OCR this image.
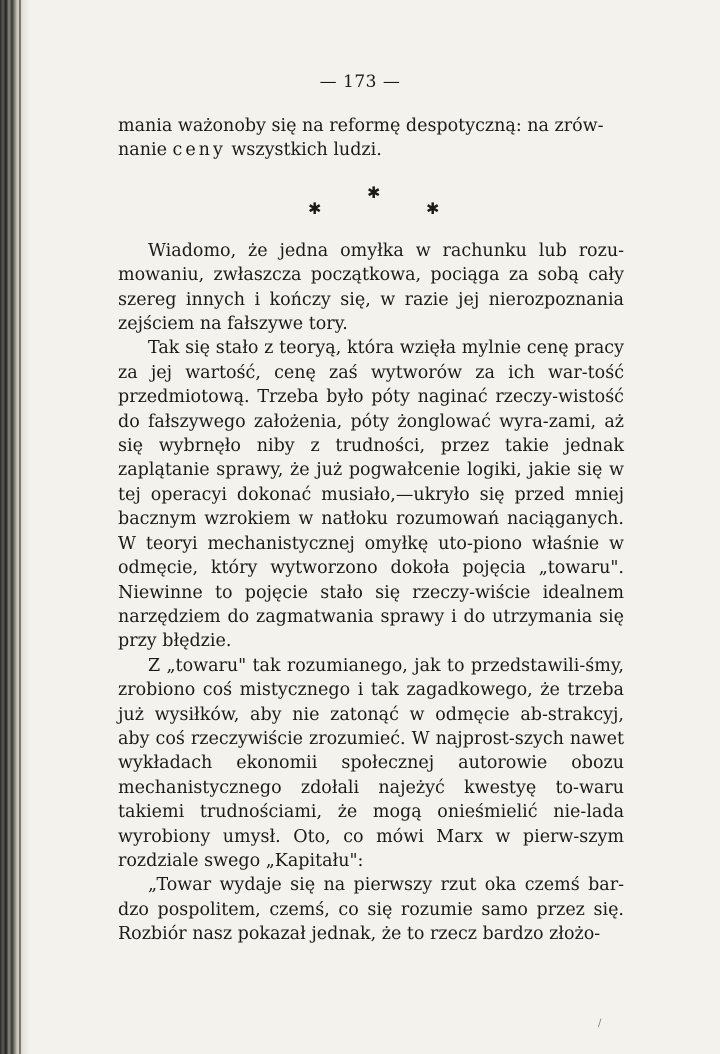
— 173 —

mania ważonoby się na reformę despotyczną: na zrów-
nanie ceny wszystkich ludzi.

✱
✱
✱

Wiadomo, że jedna omyłka w rachunku lub rozu-mowaniu, zwłaszcza początkowa, pociąga za sobą cały szereg innych i kończy się, w razie jej nierozpoznania zejściem na fałszywe tory.

Tak się stało z teoryą, która wzięła mylnie cenę pracy za jej wartość, cenę zaś wytworów za ich war-tość przedmiotową. Trzeba było póty naginać rzeczy-wistość do fałszywego założenia, póty żonglować wyra-zami, aż się wybrnęło niby z trudności, przez takie jednak zaplątanie sprawy, że już pogwałcenie logiki, jakie się w tej operacyi dokonać musiało,—ukryło się przed mniej bacznym wzrokiem w natłoku rozumowań naciąganych. W teoryi mechanistycznej omyłkę uto-piono właśnie w odmęcie, który wytworzono dokoła pojęcia „towaru". Niewinne to pojęcie stało się rzeczy-wiście idealnem narzędziem do zagmatwania sprawy i do utrzymania się przy błędzie.

Z „towaru" tak rozumianego, jak to przedstawili-śmy, zrobiono coś mistycznego i tak zagadkowego, że trzeba już wysiłków, aby nie zatonąć w odmęcie ab-strakcyj, aby coś rzeczywiście zrozumieć. W najprost-szych nawet wykładach ekonomii społecznej autorowie obozu mechanistycznego zdołali najeżyć kwestyę to-waru takiemi trudnościami, że mogą onieśmielić nie-lada wyrobiony umysł. Oto, co mówi Marx w pierw-szym rozdziale swego „Kapitału":

„Towar wydaje się na pierwszy rzut oka czemś bar-dzo pospolitem, czemś, co się rozumie samo przez się. Rozbiór nasz pokazał jednak, że to rzecz bardzo złożo-

/
